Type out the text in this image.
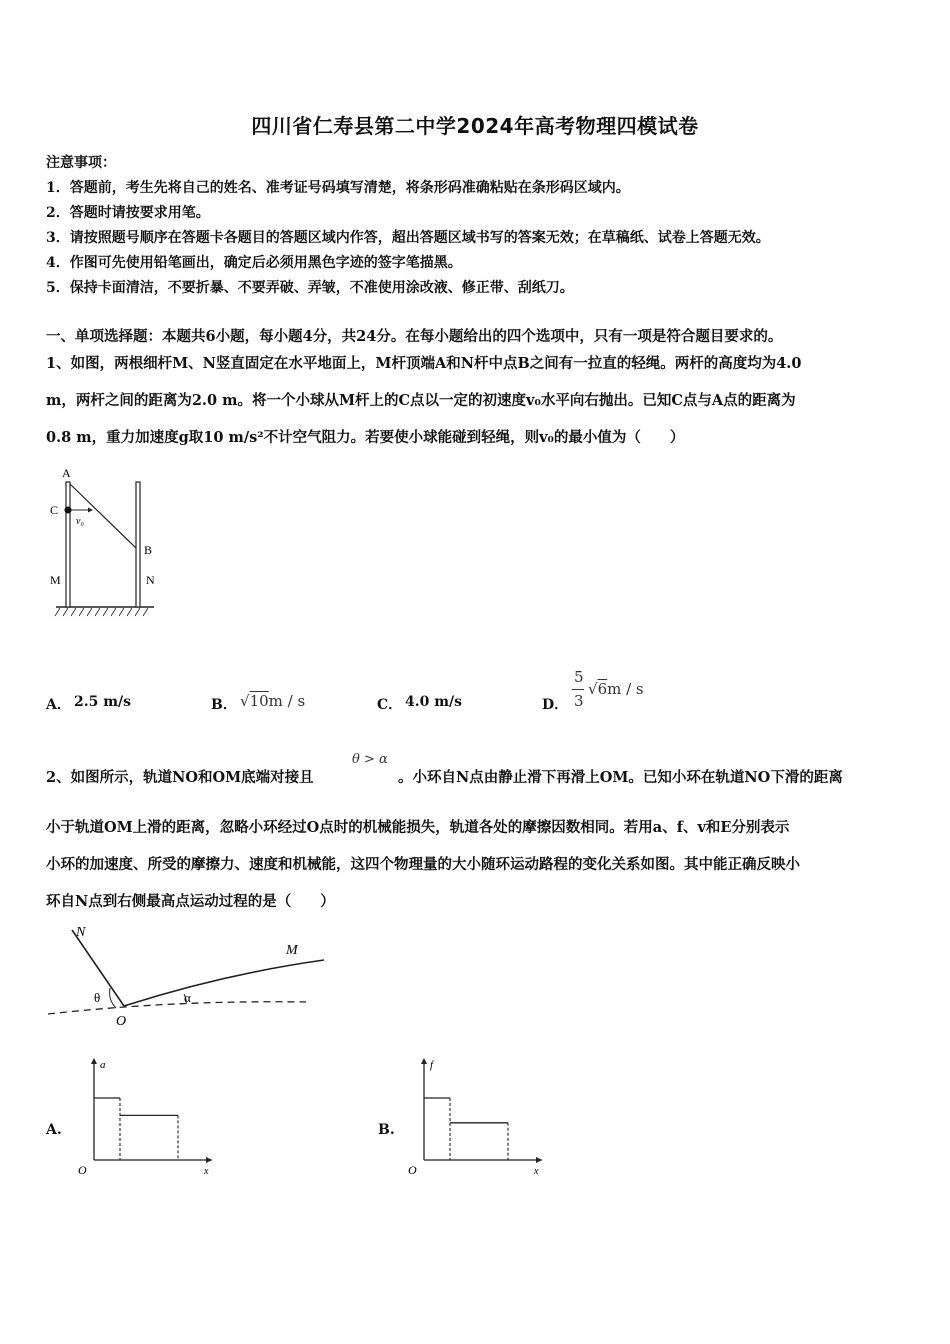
四川省仁寿县第二中学2024年高考物理四模试卷
注意事项：
1．答题前，考生先将自己的姓名、准考证号码填写清楚，将条形码准确粘贴在条形码区域内。
2．答题时请按要求用笔。
3．请按照题号顺序在答题卡各题目的答题区域内作答，超出答题区域书写的答案无效；在草稿纸、试卷上答题无效。
4．作图可先使用铅笔画出，确定后必须用黑色字迹的签字笔描黑。
5．保持卡面清洁，不要折暴、不要弄破、弄皱，不准使用涂改液、修正带、刮纸刀。
一、单项选择题：本题共6小题，每小题4分，共24分。在每小题给出的四个选项中，只有一项是符合题目要求的。
1、如图，两根细杆M、N竖直固定在水平地面上，M杆顶端A和N杆中点B之间有一拉直的轻绳。两杆的高度均为4.0
m，两杆之间的距离为2.0 m。将一个小球从M杆上的C点以一定的初速度v₀水平向右抛出。已知C点与A点的距离为
0.8 m，重力加速度g取10 m/s²不计空气阻力。若要使小球能碰到轻绳，则v₀的最小值为（　　）
A
C
v₀
B
M	N
A． 2.5 m/s	B． √10m / s	C． 4.0 m/s	D．
5
3
√6m / s
2、如图所示，轨道NO和OM底端对接且
θ > α
。小环自N点由静止滑下再滑上OM。已知小环在轨道NO下滑的距离
小于轨道OM上滑的距离，忽略小环经过O点时的机械能损失，轨道各处的摩擦因数相同。若用a、f、v和E分别表示
小环的加速度、所受的摩擦力、速度和机械能，这四个物理量的大小随环运动路程的变化关系如图。其中能正确反映小
环自N点到右侧最高点运动过程的是（　　）
N
M
O
θ	α
A.
a
x
O
B.
f
x
O
